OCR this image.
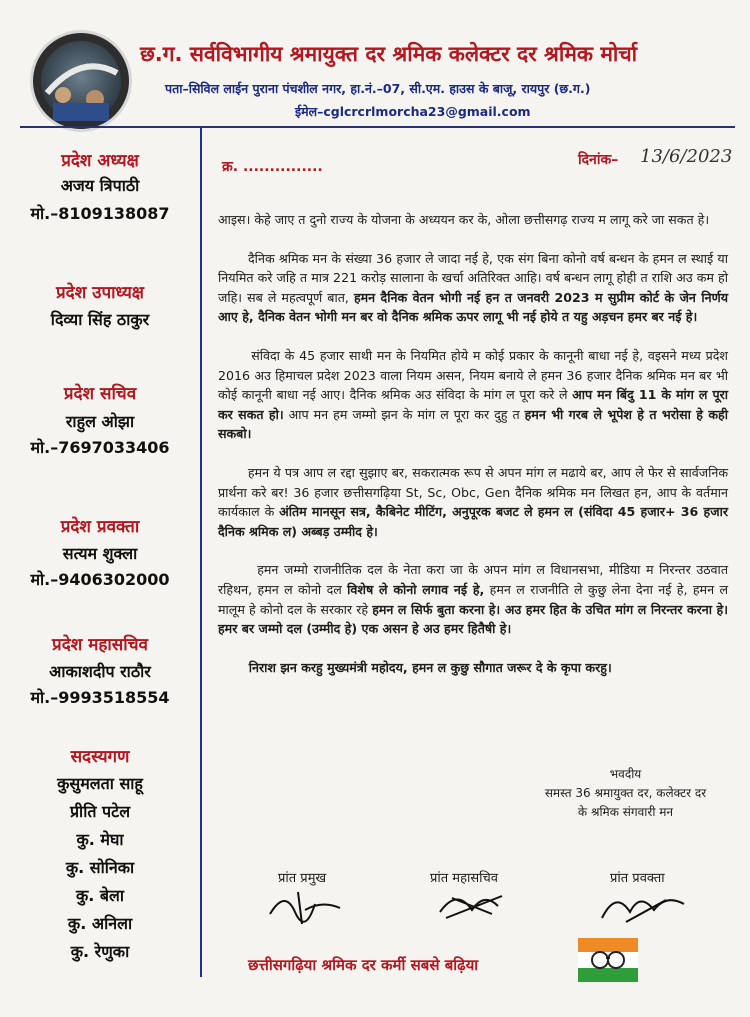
छ.ग. सर्वविभागीय श्रमायुक्त दर श्रमिक कलेक्टर दर श्रमिक मोर्चा
पता–सिविल लाईन पुराना पंचशील नगर, हा.नं.–07, सी.एम. हाउस के बाजू, रायपुर (छ.ग.)
ईमेल–cglcrcrlmorcha23@gmail.com
प्रदेश अध्यक्ष
अजय त्रिपाठी
मो.–8109138087
प्रदेश उपाध्यक्ष
दिव्या सिंह ठाकुर
प्रदेश सचिव
राहुल ओझा
मो.–7697033406
प्रदेश प्रवक्ता
सत्यम शुक्ला
मो.–9406302000
प्रदेश महासचिव
आकाशदीप राठौर
मो.–9993518554
सदस्यगण
कुसुमलता साहू
प्रीति पटेल
कु. मेघा
कु. सोनिका
कु. बेला
कु. अनिला
कु. रेणुका
क्र. ...............	दिनांक– 13/6/2023

आइस। केहे जाए त दुनो राज्य के योजना के अध्ययन कर के, ओला छत्तीसगढ़ राज्य म लागू करे जा सकत हे।

दैनिक श्रमिक मन के संख्या 36 हजार ले जादा नई हे, एक संग बिना कोनो वर्ष बन्धन के हमन ल स्थाई या नियमित करे जहि त मात्र 221 करोड़ सालाना के खर्चा अतिरिक्त आहि। वर्ष बन्धन लागू होही त राशि अउ कम हो जहि। सब ले महत्वपूर्ण बात, हमन दैनिक वेतन भोगी नई हन त जनवरी 2023 म सुप्रीम कोर्ट के जेन निर्णय आए हे, दैनिक वेतन भोगी मन बर वो दैनिक श्रमिक ऊपर लागू भी नई होये त यहु अड़चन हमर बर नई हे।

संविदा के 45 हजार साथी मन के नियमित होये म कोई प्रकार के कानूनी बाधा नई हे, वइसने मध्य प्रदेश 2016 अउ हिमाचल प्रदेश 2023 वाला नियम असन, नियम बनाये ले हमन 36 हजार दैनिक श्रमिक मन बर भी कोई कानूनी बाधा नई आए। दैनिक श्रमिक अउ संविदा के मांग ल पूरा करे ले आप मन बिंदु 11 के मांग ल पूरा कर सकत हो। आप मन हम जम्मो झन के मांग ल पूरा कर दुहु त हमन भी गरब ले भूपेश हे त भरोसा हे कही सकबो।

हमन ये पत्र आप ल रद्दा सुझाए बर, सकरात्मक रूप से अपन मांग ल मढाये बर, आप ले फेर से सार्वजनिक प्रार्थना करे बर! 36 हजार छत्तीसगढ़िया St, Sc, Obc, Gen दैनिक श्रमिक मन लिखत हन, आप के वर्तमान कार्यकाल के अंतिम मानसून सत्र, कैबिनेट मीटिंग, अनुपूरक बजट ले हमन ल (संविदा 45 हजार+ 36 हजार दैनिक श्रमिक ल) अब्बड़ उम्मीद हे।

हमन जम्मो राजनीतिक दल के नेता करा जा के अपन मांग ल विधानसभा, मीडिया म निरन्तर उठवात रहिथन, हमन ल कोनो दल विशेष ले कोनो लगाव नई हे, हमन ल राजनीति ले कुछु लेना देना नई हे, हमन ल मालूम हे कोनो दल के सरकार रहे हमन ल सिर्फ बुता करना हे। अउ हमर हित के उचित मांग ल निरन्तर करना हे। हमर बर जम्मो दल (उम्मीद हे) एक असन हे अउ हमर हितैषी हे।

निराश झन करहु मुख्यमंत्री महोदय, हमन ल कुछु सौगात जरूर दे के कृपा करहु।

भवदीय
समस्त 36 श्रमायुक्त दर, कलेक्टर दर
के श्रमिक संगवारी मन
प्रांत प्रमुख	प्रांत महासचिव	प्रांत प्रवक्ता
छत्तीसगढ़िया श्रमिक दर कर्मी सबसे बढ़िया
